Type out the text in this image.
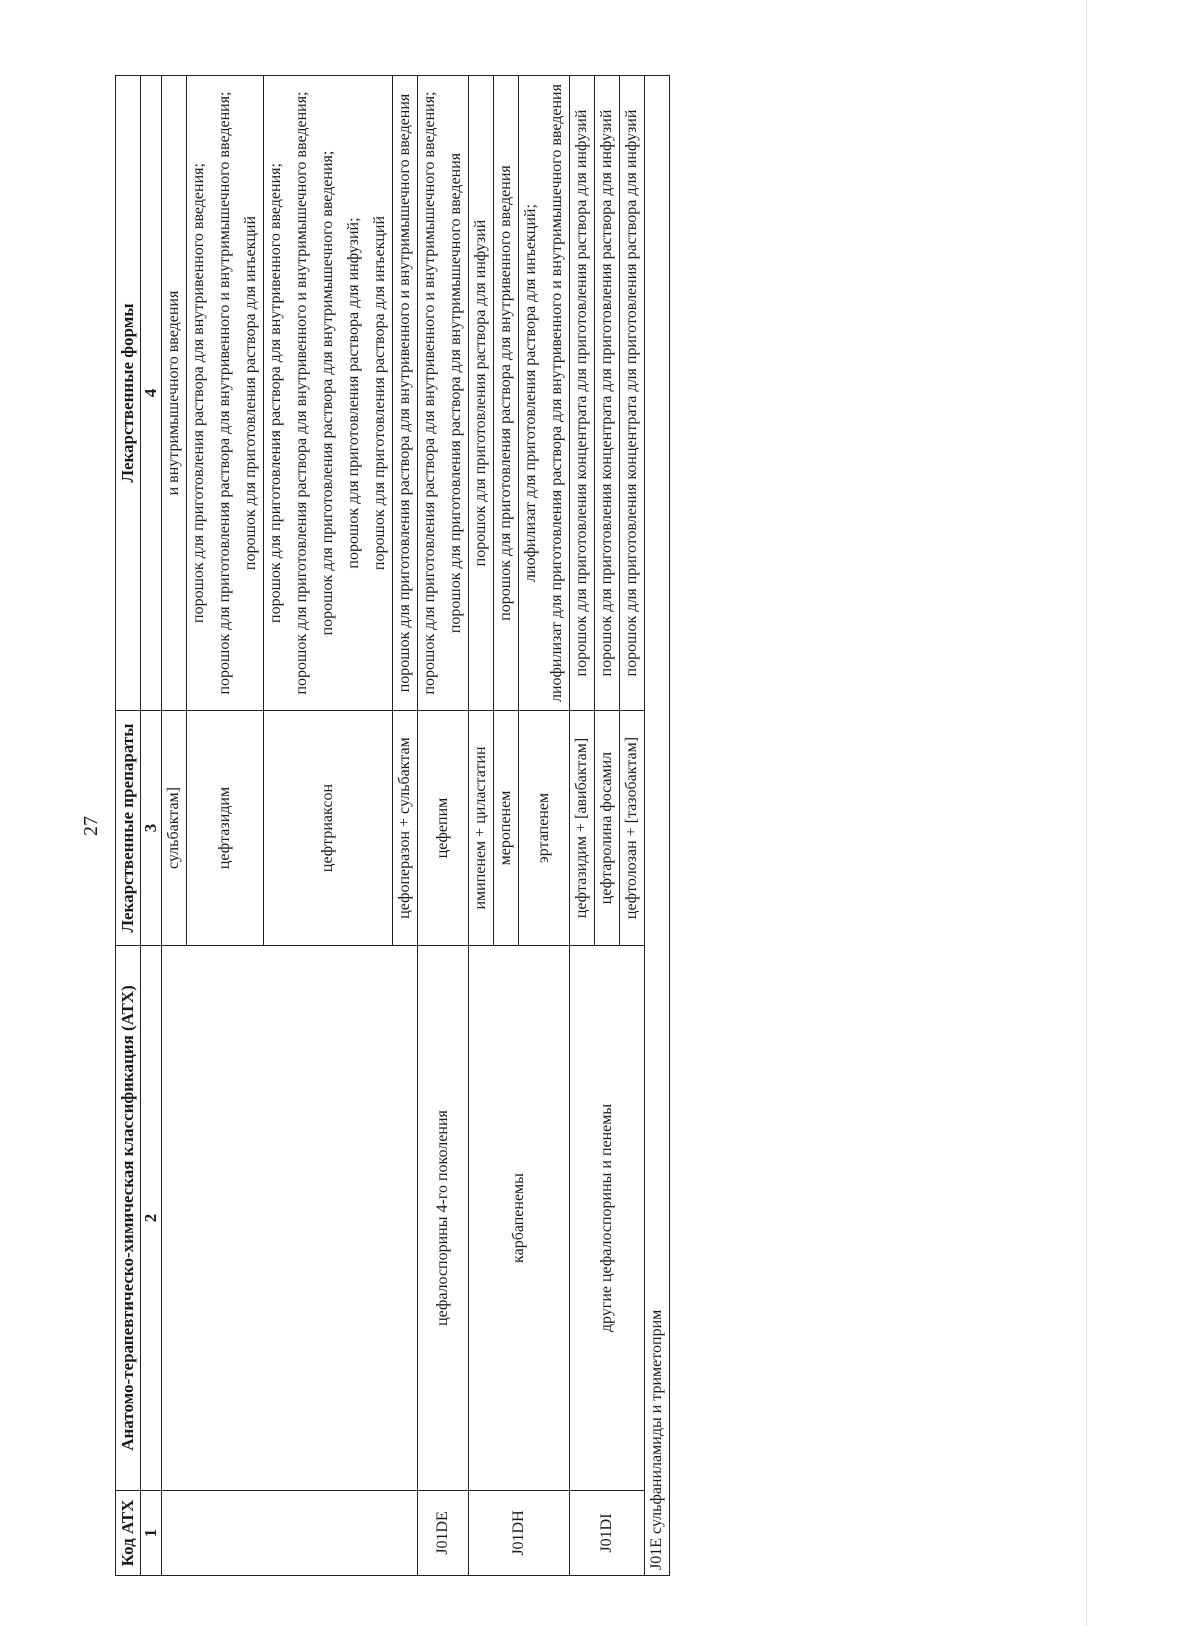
27
Код АТХ	Анатомо-терапевтическо-химическая классификация (АТХ)	Лекарственные препараты	Лекарственные формы
1	2	3	4
		сульбактам]	и внутримышечного введения

		цефтазидим	порошок для приготовления раствора для внутривенного введения; порошок для приготовления раствора для внутривенного и внутримышечного введения; порошок для приготовления раствора для инъекций

		цефтриаксон	порошок для приготовления раствора для внутривенного введения; порошок для приготовления раствора для внутривенного и внутримышечного введения; порошок для приготовления раствора для внутримышечного введения; порошок для приготовления раствора для инфузий; порошок для приготовления раствора для инъекций

		цефоперазон + сульбактам	порошок для приготовления раствора для внутривенного и внутримышечного введения

J01DE	цефалоспорины 4-го поколения	цефепим	порошок для приготовления раствора для внутривенного и внутримышечного введения; порошок для приготовления раствора для внутримышечного введения

J01DH	карбапенемы	имипенем + циластатин	порошок для приготовления раствора для инфузий

		меропенем	порошок для приготовления раствора для внутривенного введения

		эртапенем	лиофилизат для приготовления раствора для инъекций; лиофилизат для приготовления раствора для внутривенного и внутримышечного введения

J01DI	другие цефалоспорины и пенемы	цефтазидим + [авибактам]	порошок для приготовления концентрата для приготовления раствора для инфузий

		цефтаролина фосамил	порошок для приготовления концентрата для приготовления раствора для инфузий

		цефтолозан + [тазобактам]	порошок для приготовления концентрата для приготовления раствора для инфузий

J01E сульфаниламиды и триметоприм			
